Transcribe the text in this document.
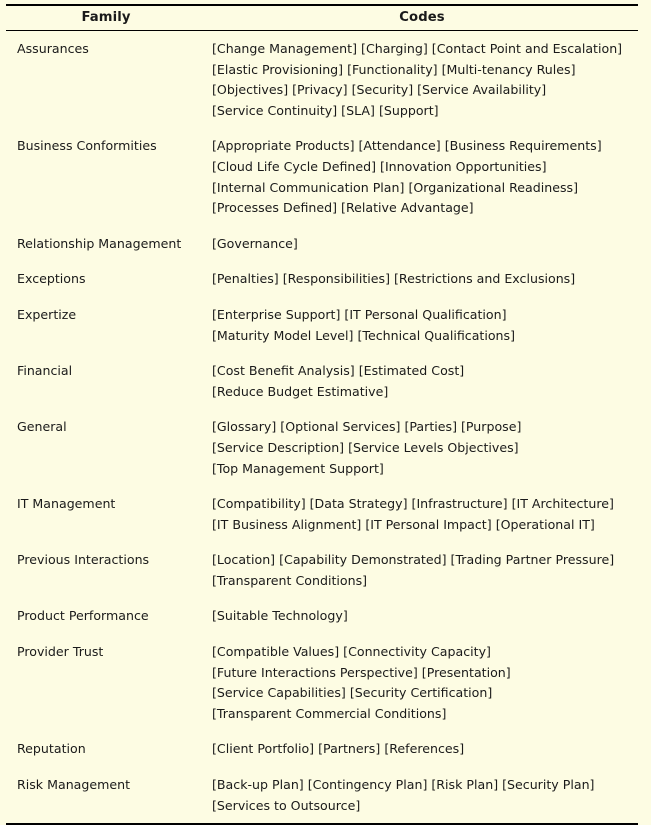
Family	Codes
Assurances	[Change Management] [Charging] [Contact Point and Escalation] [Elastic Provisioning] [Functionality] [Multi-tenancy Rules] [Objectives] [Privacy] [Security] [Service Availability] [Service Continuity] [SLA] [Support]
Business Conformities	[Appropriate Products] [Attendance] [Business Requirements] [Cloud Life Cycle Defined] [Innovation Opportunities] [Internal Communication Plan] [Organizational Readiness] [Processes Defined] [Relative Advantage]
Relationship Management	[Governance]
Exceptions	[Penalties] [Responsibilities] [Restrictions and Exclusions]
Expertize	[Enterprise Support] [IT Personal Qualification] [Maturity Model Level] [Technical Qualifications]
Financial	[Cost Benefit Analysis] [Estimated Cost] [Reduce Budget Estimative]
General	[Glossary] [Optional Services] [Parties] [Purpose] [Service Description] [Service Levels Objectives] [Top Management Support]
IT Management	[Compatibility] [Data Strategy] [Infrastructure] [IT Architecture] [IT Business Alignment] [IT Personal Impact] [Operational IT]
Previous Interactions	[Location] [Capability Demonstrated] [Trading Partner Pressure] [Transparent Conditions]
Product Performance	[Suitable Technology]
Provider Trust	[Compatible Values] [Connectivity Capacity] [Future Interactions Perspective] [Presentation] [Service Capabilities] [Security Certification] [Transparent Commercial Conditions]
Reputation	[Client Portfolio] [Partners] [References]
Risk Management	[Back-up Plan] [Contingency Plan] [Risk Plan] [Security Plan] [Services to Outsource]
